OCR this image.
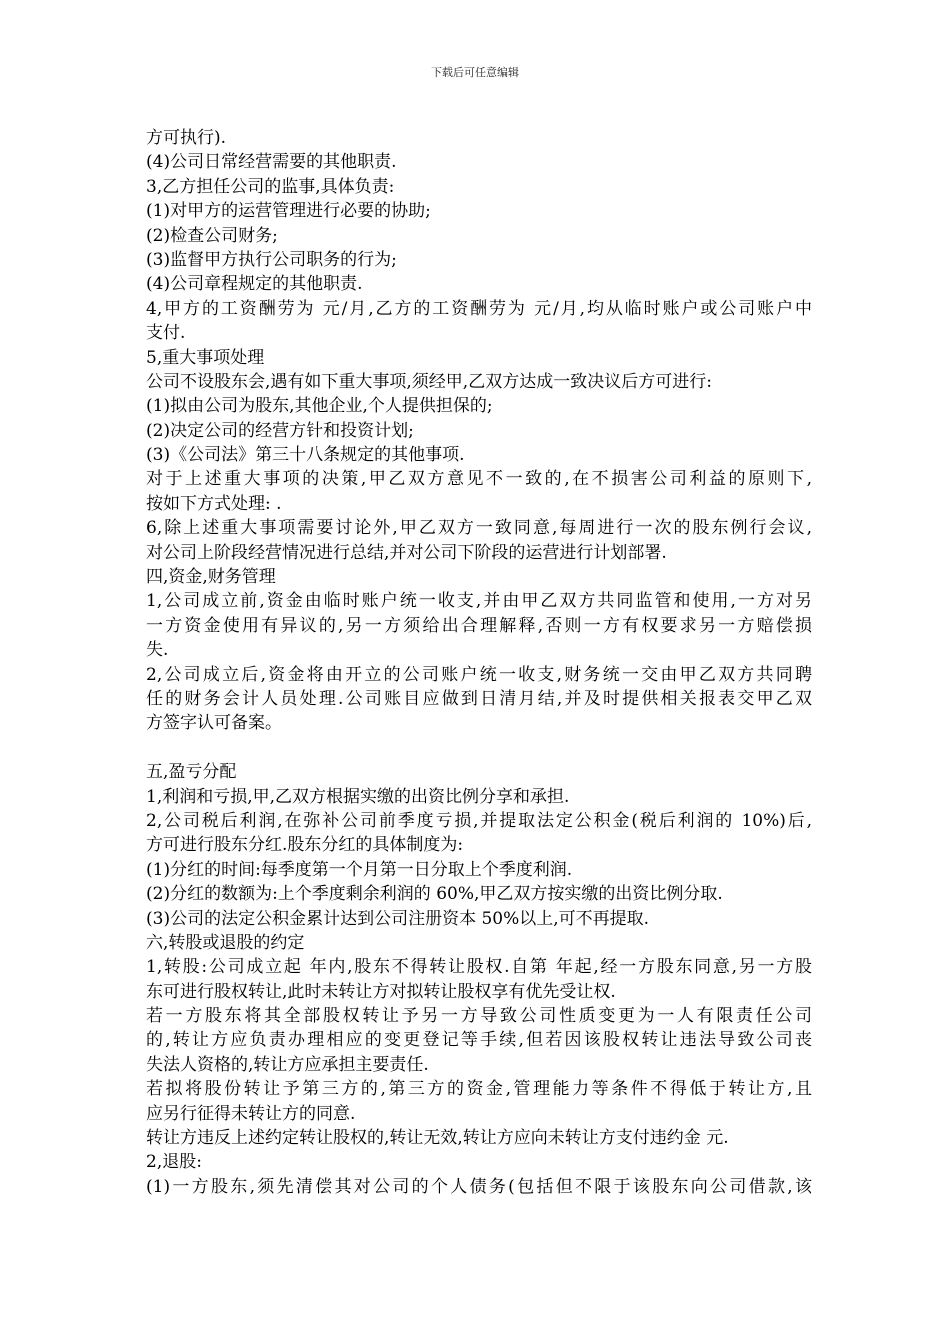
下载后可任意编辑
方可执行).
(4)公司日常经营需要的其他职责.
3,乙方担任公司的监事,具体负责:
(1)对甲方的运营管理进行必要的协助;
(2)检查公司财务;
(3)监督甲方执行公司职务的行为;
(4)公司章程规定的其他职责.
4,甲方的工资酬劳为 元/月,乙方的工资酬劳为 元/月,均从临时账户或公司账户中
支付.
5,重大事项处理
公司不设股东会,遇有如下重大事项,须经甲,乙双方达成一致决议后方可进行:
(1)拟由公司为股东,其他企业,个人提供担保的;
(2)决定公司的经营方针和投资计划;
(3)《公司法》第三十八条规定的其他事项.
对于上述重大事项的决策,甲乙双方意见不一致的,在不损害公司利益的原则下,
按如下方式处理: .
6,除上述重大事项需要讨论外,甲乙双方一致同意,每周进行一次的股东例行会议,
对公司上阶段经营情况进行总结,并对公司下阶段的运营进行计划部署.
四,资金,财务管理
1,公司成立前,资金由临时账户统一收支,并由甲乙双方共同监管和使用,一方对另
一方资金使用有异议的,另一方须给出合理解释,否则一方有权要求另一方赔偿损
失.
2,公司成立后,资金将由开立的公司账户统一收支,财务统一交由甲乙双方共同聘
任的财务会计人员处理.公司账目应做到日清月结,并及时提供相关报表交甲乙双
方签字认可备案。
五,盈亏分配
1,利润和亏损,甲,乙双方根据实缴的出资比例分享和承担.
2,公司税后利润,在弥补公司前季度亏损,并提取法定公积金(税后利润的 10%)后,
方可进行股东分红.股东分红的具体制度为:
(1)分红的时间:每季度第一个月第一日分取上个季度利润.
(2)分红的数额为:上个季度剩余利润的 60%,甲乙双方按实缴的出资比例分取.
(3)公司的法定公积金累计达到公司注册资本 50%以上,可不再提取.
六,转股或退股的约定
1,转股:公司成立起 年内,股东不得转让股权.自第 年起,经一方股东同意,另一方股
东可进行股权转让,此时未转让方对拟转让股权享有优先受让权.
若一方股东将其全部股权转让予另一方导致公司性质变更为一人有限责任公司
的,转让方应负责办理相应的变更登记等手续,但若因该股权转让违法导致公司丧
失法人资格的,转让方应承担主要责任.
若拟将股份转让予第三方的,第三方的资金,管理能力等条件不得低于转让方,且
应另行征得未转让方的同意.
转让方违反上述约定转让股权的,转让无效,转让方应向未转让方支付违约金 元.
2,退股:
(1)一方股东,须先清偿其对公司的个人债务(包括但不限于该股东向公司借款,该
